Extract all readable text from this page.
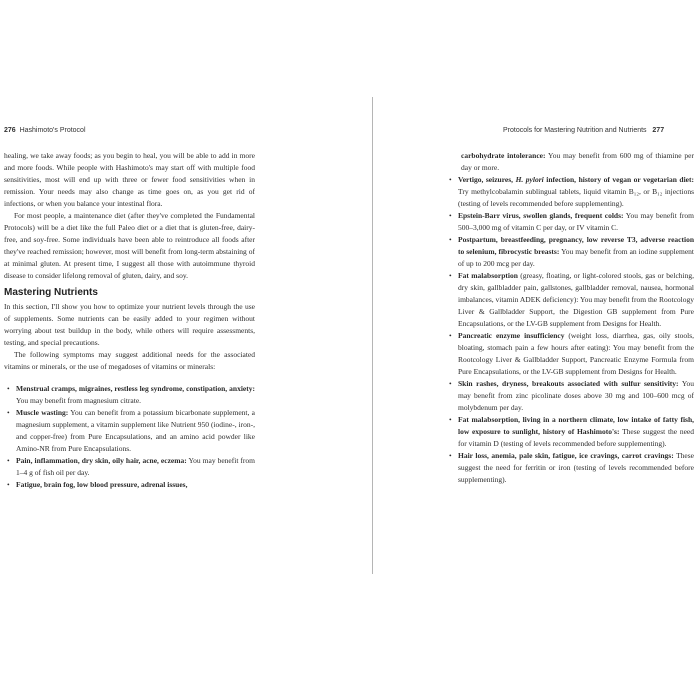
276 Hashimoto's Protocol	Protocols for Mastering Nutrition and Nutrients 277

healing, we take away foods; as you begin to heal, you will be able to add in more and more foods. While people with Hashimoto's may start off with multiple food sensitivities, most will end up with three or fewer food sensitivities when in remission. Your needs may also change as time goes on, as you get rid of infections, or when you balance your intestinal flora.

For most people, a maintenance diet (after they've completed the Fundamental Protocols) will be a diet like the full Paleo diet or a diet that is gluten-free, dairy-free, and soy-free. Some individuals have been able to reintroduce all foods after they've reached remission; however, most will benefit from long-term abstaining of at minimal gluten. At present time, I suggest all those with autoimmune thyroid disease to consider lifelong removal of gluten, dairy, and soy.

Mastering Nutrients

In this section, I'll show you how to optimize your nutrient levels through the use of supplements. Some nutrients can be easily added to your regimen without worrying about test buildup in the body, while others will require assessments, testing, and special precautions.

The following symptoms may suggest additional needs for the associated vitamins or minerals, or the use of megadoses of vitamins or minerals:

• Menstrual cramps, migraines, restless leg syndrome, constipation, anxiety: You may benefit from magnesium citrate.
• Muscle wasting: You can benefit from a potassium bicarbonate supplement, a magnesium supplement, a vitamin supplement like Nutrient 950 (iodine-, iron-, and copper-free) from Pure Encapsulations, and an amino acid powder like Amino-NR from Pure Encapsulations.
• Pain, inflammation, dry skin, oily hair, acne, eczema: You may benefit from 1–4 g of fish oil per day.
• Fatigue, brain fog, low blood pressure, adrenal issues,

carbohydrate intolerance: You may benefit from 600 mg of thiamine per day or more.

• Vertigo, seizures, H. pylori infection, history of vegan or vegetarian diet: Try methylcobalamin sublingual tablets, liquid vitamin B₁₂, or B₁₂ injections (testing of levels recommended before supplementing).
• Epstein-Barr virus, swollen glands, frequent colds: You may benefit from 500–3,000 mg of vitamin C per day, or IV vitamin C.
• Postpartum, breastfeeding, pregnancy, low reverse T3, adverse reaction to selenium, fibrocystic breasts: You may benefit from an iodine supplement of up to 200 mcg per day.
• Fat malabsorption (greasy, floating, or light-colored stools, gas or belching, dry skin, gallbladder pain, gallstones, gallbladder removal, nausea, hormonal imbalances, vitamin ADEK deficiency): You may benefit from the Rootcology Liver & Gallbladder Support, the Digestion GB supplement from Pure Encapsulations, or the LV-GB supplement from Designs for Health.
• Pancreatic enzyme insufficiency (weight loss, diarrhea, gas, oily stools, bloating, stomach pain a few hours after eating): You may benefit from the Rootcology Liver & Gallbladder Support, Pancreatic Enzyme Formula from Pure Encapsulations, or the LV-GB supplement from Designs for Health.
• Skin rashes, dryness, breakouts associated with sulfur sensitivity: You may benefit from zinc picolinate doses above 30 mg and 100–600 mcg of molybdenum per day.
• Fat malabsorption, living in a northern climate, low intake of fatty fish, low exposure to sunlight, history of Hashimoto's: These suggest the need for vitamin D (testing of levels recommended before supplementing).
• Hair loss, anemia, pale skin, fatigue, ice cravings, carrot cravings: These suggest the need for ferritin or iron (testing of levels recommended before supplementing).
